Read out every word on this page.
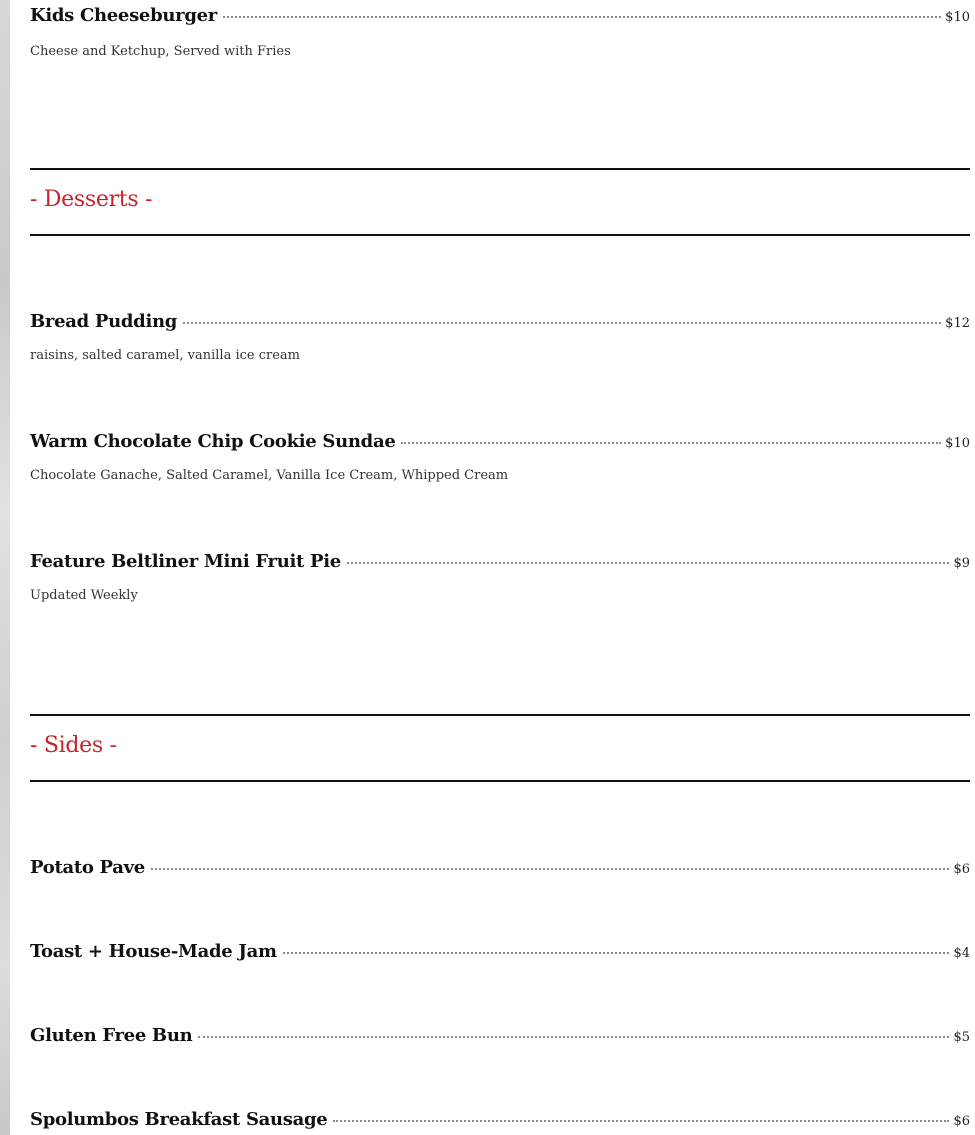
Kids Cheeseburger	$10
Cheese and Ketchup, Served with Fries
- Desserts -
Bread Pudding	$12
raisins, salted caramel, vanilla ice cream
Warm Chocolate Chip Cookie Sundae	$10
Chocolate Ganache, Salted Caramel, Vanilla Ice Cream, Whipped Cream
Feature Beltliner Mini Fruit Pie	$9
Updated Weekly
- Sides -
Potato Pave	$6
Toast + House-Made Jam	$4
Gluten Free Bun	$5
Spolumbos Breakfast Sausage	$6
